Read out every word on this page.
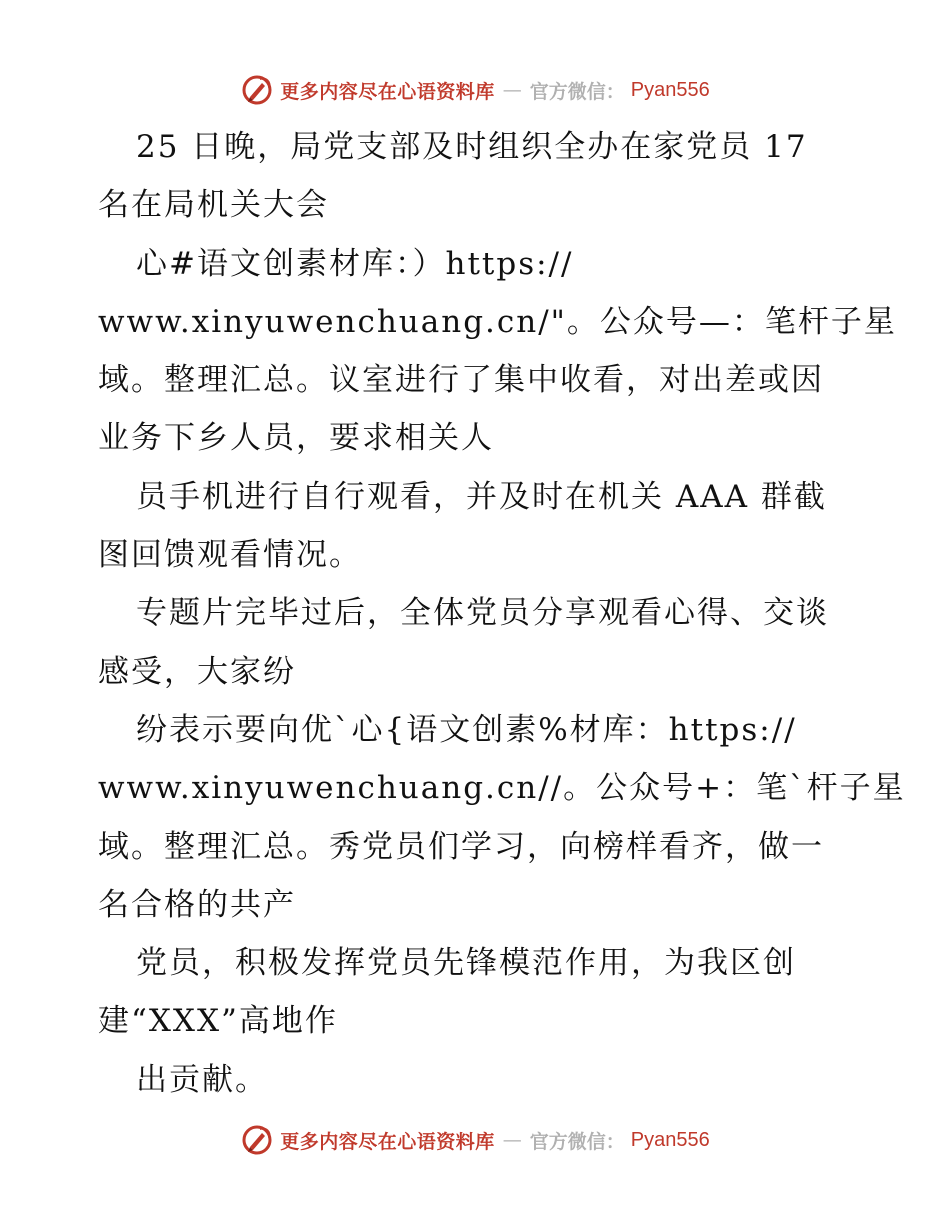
更多内容尽在心语资料库 — 官方微信： Pyan556
25 日晚，局党支部及时组织全办在家党员 17
名在局机关大会
心#语文创素材库：）https://
www.xinyuwenchuang.cn/"。公众号—：笔杆子星
域。整理汇总。议室进行了集中收看，对出差或因
业务下乡人员，要求相关人
员手机进行自行观看，并及时在机关 AAA 群截
图回馈观看情况。
专题片完毕过后，全体党员分享观看心得、交谈
感受，大家纷
纷表示要向优`心{语文创素%材库：https://
www.xinyuwenchuang.cn//。公众号+：笔`杆子星
域。整理汇总。秀党员们学习，向榜样看齐，做一
名合格的共产
党员，积极发挥党员先锋模范作用，为我区创
建“XXX”高地作
出贡献。
更多内容尽在心语资料库 — 官方微信： Pyan556
